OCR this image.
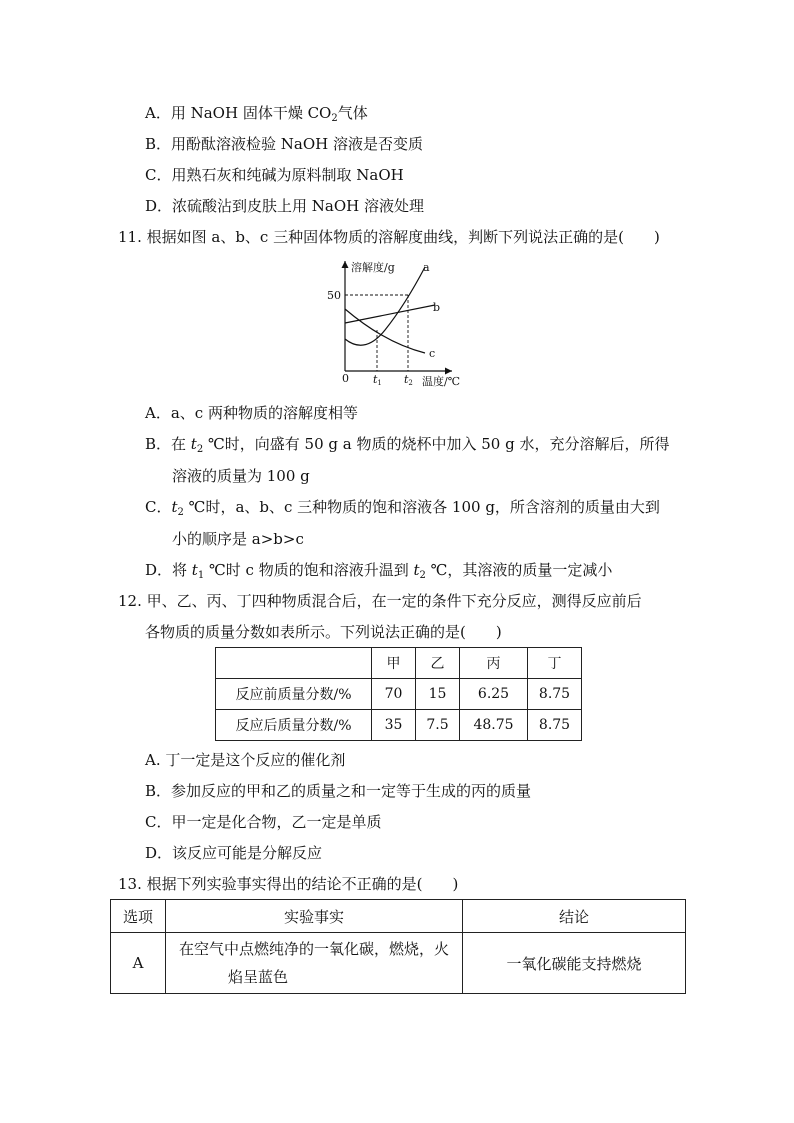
A．用 NaOH 固体干燥 $CO_2$气体
B．用酚酞溶液检验 NaOH 溶液是否变质
C．用熟石灰和纯碱为原料制取 NaOH
D．浓硫酸沾到皮肤上用 NaOH 溶液处理
11. 根据如图 a、b、c 三种固体物质的溶解度曲线，判断下列说法正确的是(　　)
溶解度/g
50
0 t1 t2 温度/℃
a
b
c
A．a、c 两种物质的溶解度相等
B．在 $t_2$ ℃时，向盛有 50 g a 物质的烧杯中加入 50 g 水，充分溶解后，所得
溶液的质量为 100 g
C．$t_2$ ℃时，a、b、c 三种物质的饱和溶液各 100 g，所含溶剂的质量由大到
小的顺序是 a>b>c
D．将 $t_1$ ℃时 c 物质的饱和溶液升温到 $t_2$ ℃，其溶液的质量一定减小
12. 甲、乙、丙、丁四种物质混合后，在一定的条件下充分反应，测得反应前后
各物质的质量分数如表所示。下列说法正确的是(　　)
	甲	乙	丙	丁
反应前质量分数/%	70	15	6.25	8.75
反应后质量分数/%	35	7.5	48.75	8.75
A. 丁一定是这个反应的催化剂
B．参加反应的甲和乙的质量之和一定等于生成的丙的质量
C．甲一定是化合物，乙一定是单质
D．该反应可能是分解反应
13. 根据下列实验事实得出的结论不正确的是(　　)
选项	实验事实	结论
A	在空气中点燃纯净的一氧化碳，燃烧，火
焰呈蓝色	一氧化碳能支持燃烧
